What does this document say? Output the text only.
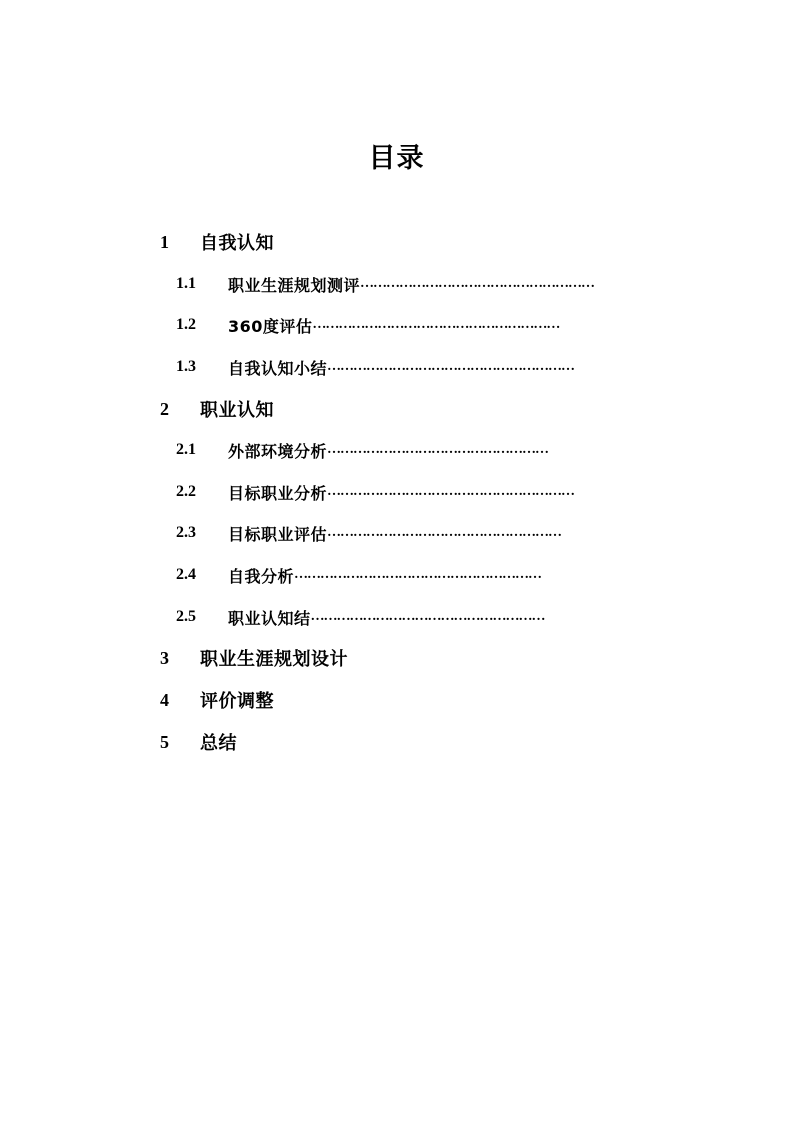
目录
1	自我认知
1.1	职业生涯规划测评 ………………………………………………
1.2	360度评估 …………………………………………………
1.3	自我认知小结 …………………………………………………
2	职业认知
2.1	外部环境分析 ……………………………………………
2.2	目标职业分析 …………………………………………………
2.3	目标职业评估 ………………………………………………
2.4	自我分析 …………………………………………………
2.5	职业认知结 ………………………………………………
3	职业生涯规划设计
4	评价调整
5	总结
